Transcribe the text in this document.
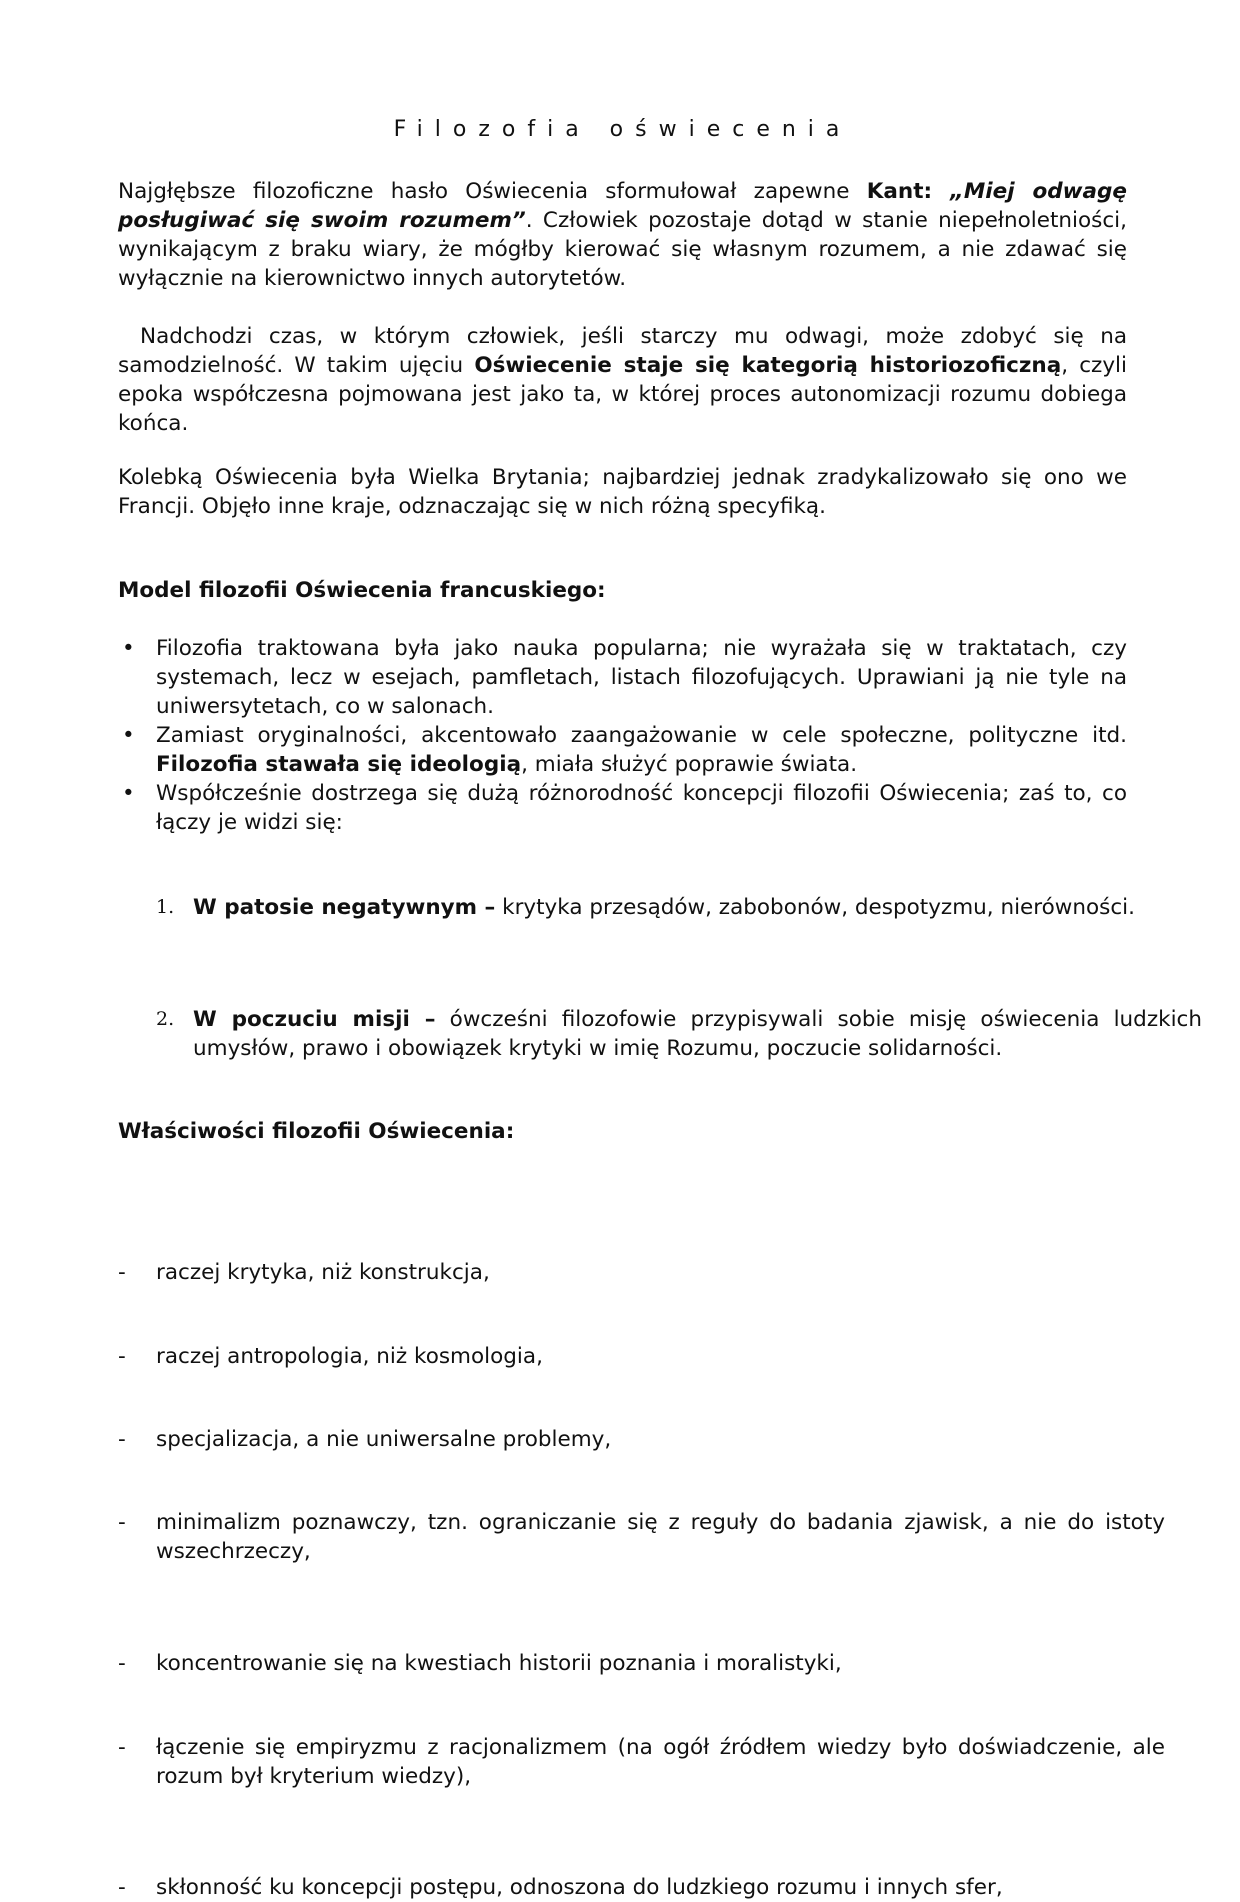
Filozofia oświecenia

Najgłębsze filozoficzne hasło Oświecenia sformułował zapewne Kant: „Miej odwagę posługiwać się swoim rozumem”. Człowiek pozostaje dotąd w stanie niepełnoletniości, wynikającym z braku wiary, że mógłby kierować się własnym rozumem, a nie zdawać się wyłącznie na kierownictwo innych autorytetów.

Nadchodzi czas, w którym człowiek, jeśli starczy mu odwagi, może zdobyć się na samodzielność. W takim ujęciu Oświecenie staje się kategorią historiozoficzną, czyli epoka współczesna pojmowana jest jako ta, w której proces autonomizacji rozumu dobiega końca.

Kolebką Oświecenia była Wielka Brytania; najbardziej jednak zradykalizowało się ono we Francji. Objęło inne kraje, odznaczając się w nich różną specyfiką.

Model filozofii Oświecenia francuskiego:

• Filozofia traktowana była jako nauka popularna; nie wyrażała się w traktatach, czy systemach, lecz w esejach, pamfletach, listach filozofujących. Uprawiani ją nie tyle na uniwersytetach, co w salonach.
• Zamiast oryginalności, akcentowało zaangażowanie w cele społeczne, polityczne itd. Filozofia stawała się ideologią, miała służyć poprawie świata.
• Współcześnie dostrzega się dużą różnorodność koncepcji filozofii Oświecenia; zaś to, co łączy je widzi się:

1. W patosie negatywnym – krytyka przesądów, zabobonów, despotyzmu, nierówności.

2. W poczuciu misji – ówcześni filozofowie przypisywali sobie misję oświecenia ludzkich umysłów, prawo i obowiązek krytyki w imię Rozumu, poczucie solidarności.

Właściwości filozofii Oświecenia:

- raczej krytyka, niż konstrukcja,

- raczej antropologia, niż kosmologia,

- specjalizacja, a nie uniwersalne problemy,

- minimalizm poznawczy, tzn. ograniczanie się z reguły do badania zjawisk, a nie do istoty wszechrzeczy,

- koncentrowanie się na kwestiach historii poznania i moralistyki,

- łączenie się empiryzmu z racjonalizmem (na ogół źródłem wiedzy było doświadczenie, ale rozum był kryterium wiedzy),

- skłonność ku koncepcji postępu, odnoszona do ludzkiego rozumu i innych sfer,
